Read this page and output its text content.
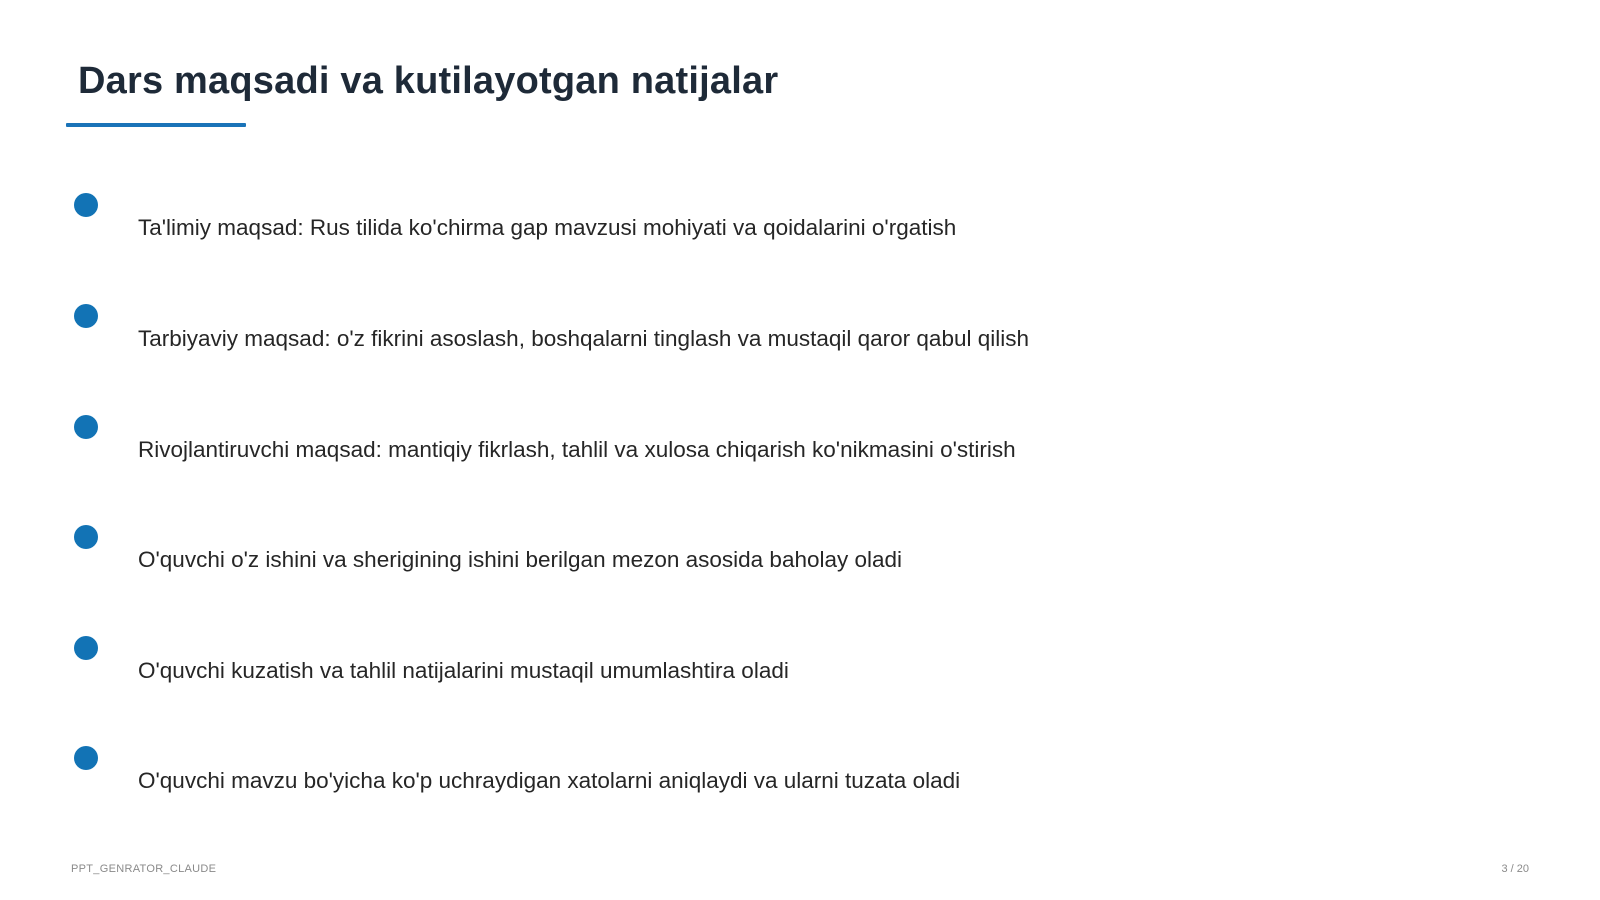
Dars maqsadi va kutilayotgan natijalar
Ta'limiy maqsad: Rus tilida ko'chirma gap mavzusi mohiyati va qoidalarini o'rgatish
Tarbiyaviy maqsad: o'z fikrini asoslash, boshqalarni tinglash va mustaqil qaror qabul qilish
Rivojlantiruvchi maqsad: mantiqiy fikrlash, tahlil va xulosa chiqarish ko'nikmasini o'stirish
O'quvchi o'z ishini va sherigining ishini berilgan mezon asosida baholay oladi
O'quvchi kuzatish va tahlil natijalarini mustaqil umumlashtira oladi
O'quvchi mavzu bo'yicha ko'p uchraydigan xatolarni aniqlaydi va ularni tuzata oladi
PPT_GENRATOR_CLAUDE	3 / 20
